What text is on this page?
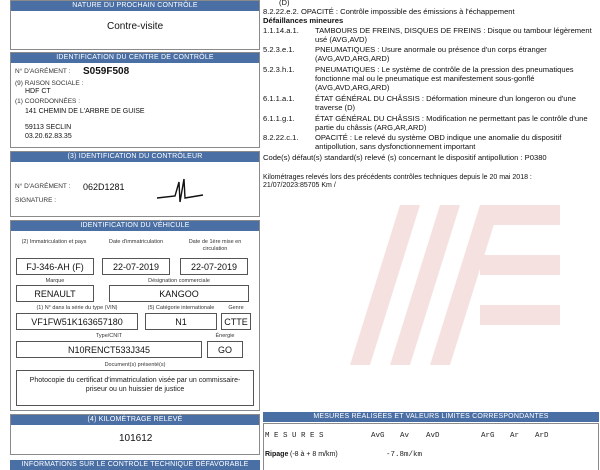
NATURE DU PROCHAIN CONTRÔLE
Contre-visite
IDENTIFICATION DU CENTRE DE CONTRÔLE
N° D'AGRÉMENT : S059F508
(9) RAISON SOCIALE :
HDF CT
(1) COORDONNÉES :
141 CHEMIN DE L'ARBRE DE GUISE
59113 SECLIN
03.20.62.83.35
(3) IDENTIFICATION DU CONTRÔLEUR
N° D'AGRÉMENT : 062D1281
SIGNATURE :
IDENTIFICATION DU VÉHICULE
(2) Immatriculation et pays	Date d'immatriculation	Date de 1ère mise en circulation
FJ-346-AH (F)	22-07-2019	22-07-2019
Marque	Désignation commerciale
RENAULT	KANGOO
(1) N° dans la série du type (VIN)	(5) Catégorie internationale	Genre
VF1FW51K163657180	N1	CTTE
Type/CNIT	Énergie
N10RENCT533J345	GO
Document(s) présenté(s)
Photocopie du certificat d'immatriculation visée par un commissaire-priseur ou un huissier de justice
(4) KILOMÉTRAGE RELEVÉ
101612
INFORMATIONS SUR LE CONTRÔLE TECHNIQUE DÉFAVORABLE
(D)
8.2.22.e.2. OPACITÉ : Contrôle impossible des émissions à l'échappement
Défaillances mineures
1.1.14.a.1. TAMBOURS DE FREINS, DISQUES DE FREINS : Disque ou tambour légèrement usé (AVG,AVD)
5.2.3.e.1.	PNEUMATIQUES : Usure anormale ou présence d'un corps étranger (AVG,AVD,ARG,ARD)
5.2.3.h.1.	PNEUMATIQUES : Le système de contrôle de la pression des pneumatiques fonctionne mal ou le pneumatique est manifestement sous-gonflé (AVG,AVD,ARG,ARD)
6.1.1.a.1.	ÉTAT GÉNÉRAL DU CHÂSSIS : Déformation mineure d'un longeron ou d'une traverse (D)
6.1.1.g.1.	ÉTAT GÉNÉRAL DU CHÂSSIS : Modification ne permettant pas le contrôle d'une partie du châssis (ARG,AR,ARD)
8.2.22.c.1. OPACITÉ : Le relevé du système OBD indique une anomalie du dispositif antipollution, sans dysfonctionnement important
Code(s) défaut(s) standard(s) relevé (s) concernant le dispositif antipollution : P0380
Kilométrages relevés lors des précédents contrôles techniques depuis le 20 mai 2018 :
21/07/2023:85705 Km /
MESURES RÉALISÉES ET VALEURS LIMITES CORRESPONDANTES
M E S U R E S	AvG Av AvD	ArG Ar ArD
Ripage (-8 à + 8 m/km)	-7.8m/km
